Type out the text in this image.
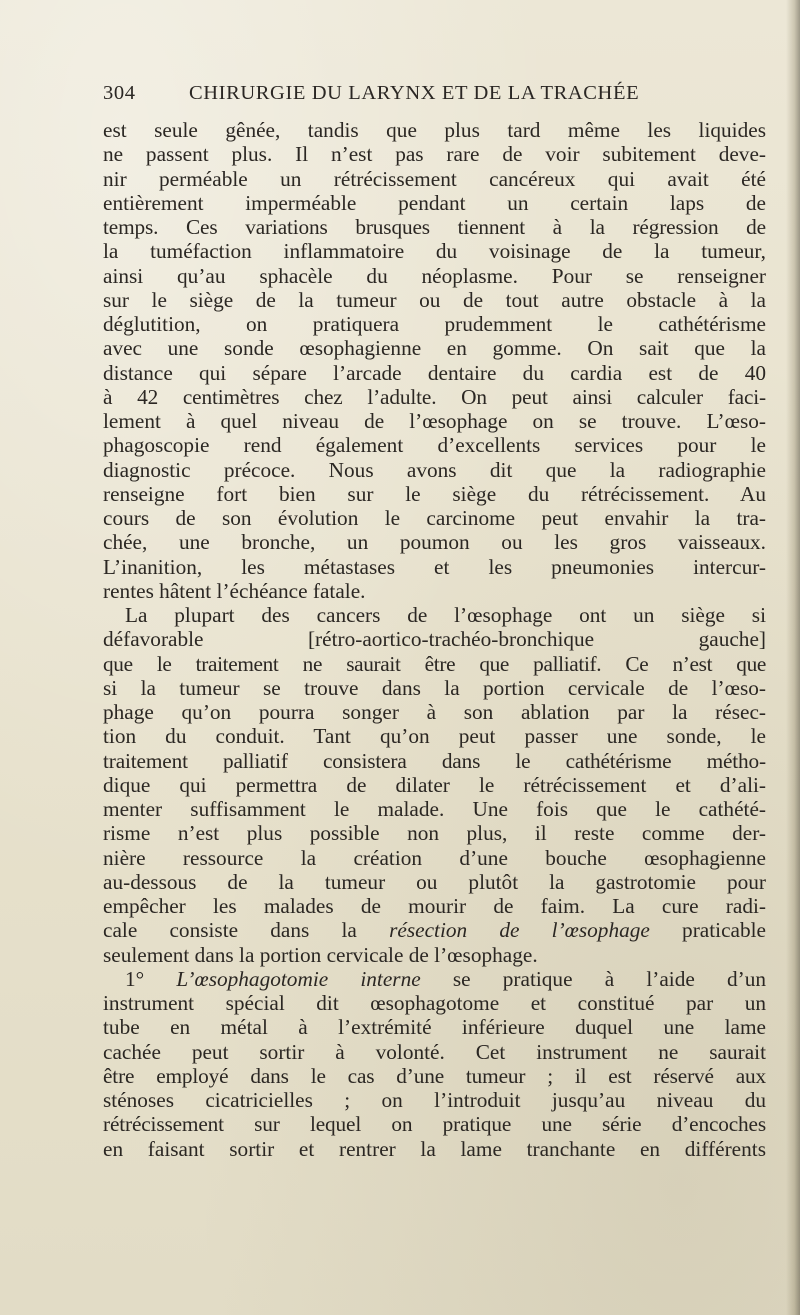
304	CHIRURGIE DU LARYNX ET DE LA TRACHÉE
est seule gênée, tandis que plus tard même les liquides
ne passent plus. Il n’est pas rare de voir subitement deve-
nir perméable un rétrécissement cancéreux qui avait été
entièrement imperméable pendant un certain laps de
temps. Ces variations brusques tiennent à la régression de
la tuméfaction inflammatoire du voisinage de la tumeur,
ainsi qu’au sphacèle du néoplasme. Pour se renseigner
sur le siège de la tumeur ou de tout autre obstacle à la
déglutition, on pratiquera prudemment le cathétérisme
avec une sonde œsophagienne en gomme. On sait que la
distance qui sépare l’arcade dentaire du cardia est de 40
à 42 centimètres chez l’adulte. On peut ainsi calculer faci-
lement à quel niveau de l’œsophage on se trouve. L’œso-
phagoscopie rend également d’excellents services pour le
diagnostic précoce. Nous avons dit que la radiographie
renseigne fort bien sur le siège du rétrécissement. Au
cours de son évolution le carcinome peut envahir la tra-
chée, une bronche, un poumon ou les gros vaisseaux.
L’inanition, les métastases et les pneumonies intercur-
rentes hâtent l’échéance fatale.
La plupart des cancers de l’œsophage ont un siège si
défavorable [rétro-aortico-trachéo-bronchique gauche]
que le traitement ne saurait être que palliatif. Ce n’est que
si la tumeur se trouve dans la portion cervicale de l’œso-
phage qu’on pourra songer à son ablation par la résec-
tion du conduit. Tant qu’on peut passer une sonde, le
traitement palliatif consistera dans le cathétérisme métho-
dique qui permettra de dilater le rétrécissement et d’ali-
menter suffisamment le malade. Une fois que le cathété-
risme n’est plus possible non plus, il reste comme der-
nière ressource la création d’une bouche œsophagienne
au-dessous de la tumeur ou plutôt la gastrotomie pour
empêcher les malades de mourir de faim. La cure radi-
cale consiste dans la résection de l’œsophage praticable
seulement dans la portion cervicale de l’œsophage.
1° L’œsophagotomie interne se pratique à l’aide d’un
instrument spécial dit œsophagotome et constitué par un
tube en métal à l’extrémité inférieure duquel une lame
cachée peut sortir à volonté. Cet instrument ne saurait
être employé dans le cas d’une tumeur ; il est réservé aux
sténoses cicatricielles ; on l’introduit jusqu’au niveau du
rétrécissement sur lequel on pratique une série d’encoches
en faisant sortir et rentrer la lame tranchante en différents
